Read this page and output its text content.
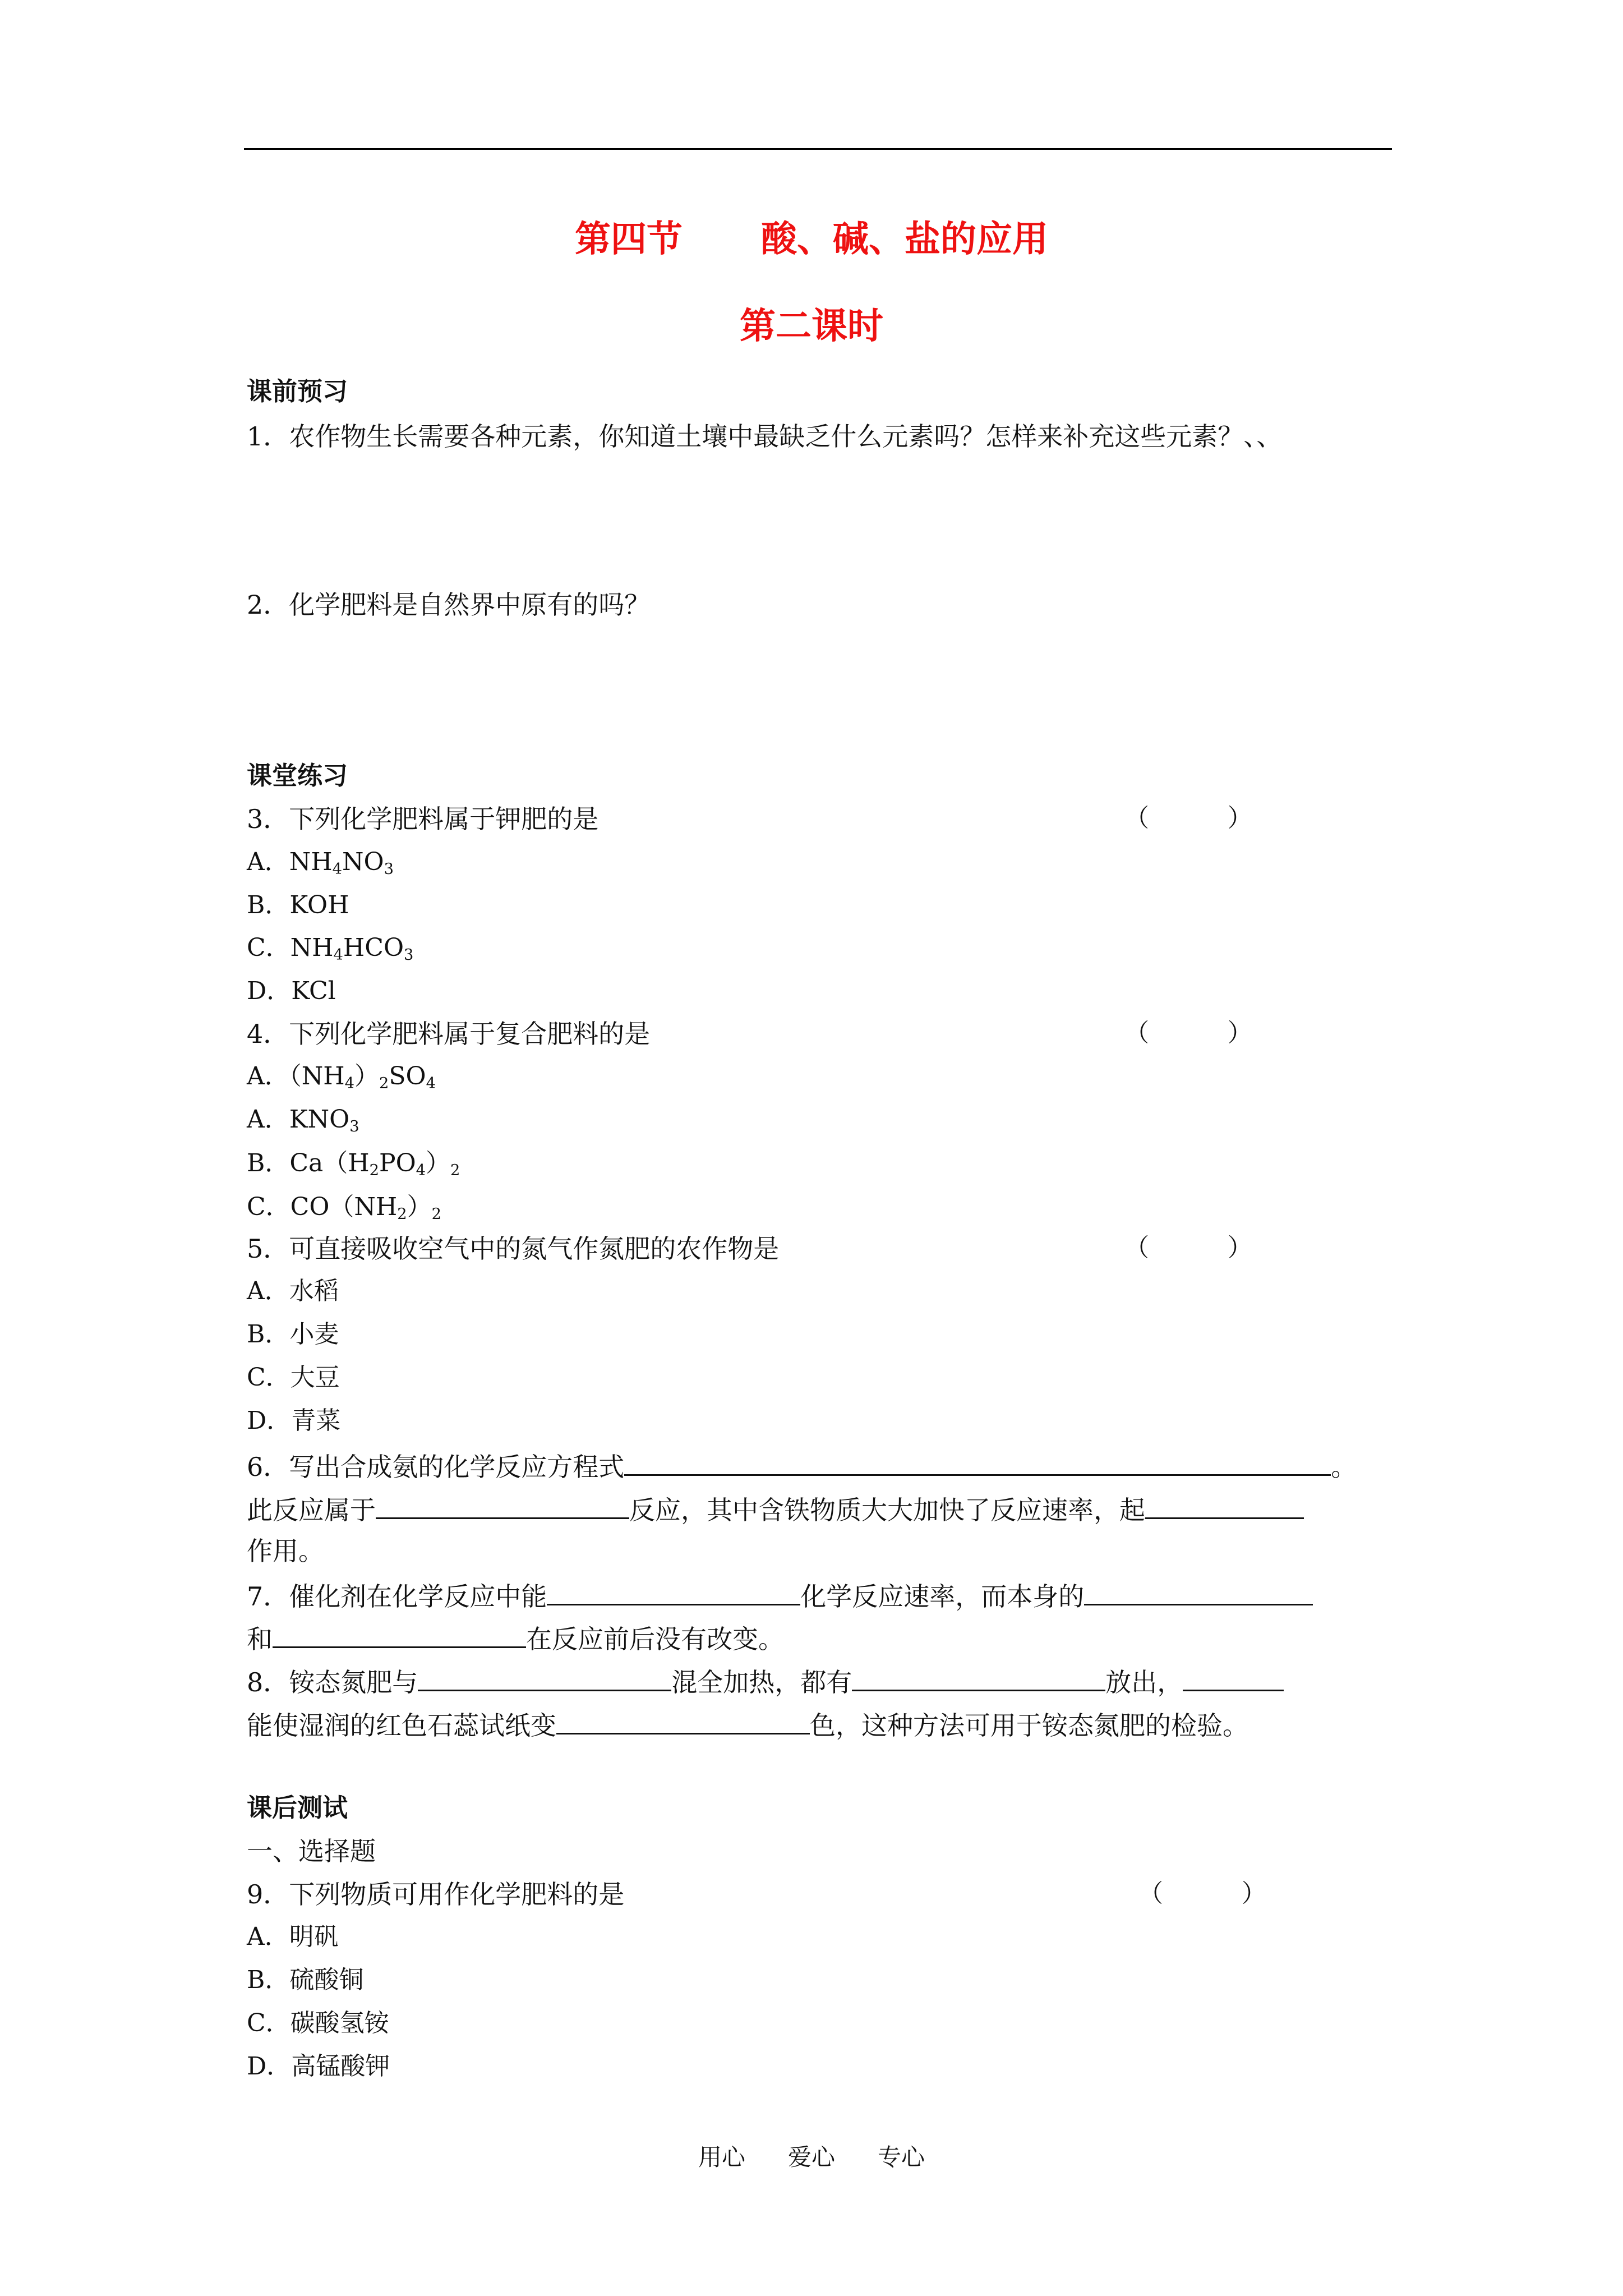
第四节 酸、碱、盐的应用
第二课时
课前预习
1．农作物生长需要各种元素，你知道土壤中最缺乏什么元素吗？怎样来补充这些元素？、、
2．化学肥料是自然界中原有的吗？
课堂练习
3．下列化学肥料属于钾肥的是	（          ）
A．$NH_4NO_3$
B．KOH
C．$NH_4HCO_3$
D．KCl
4．下列化学肥料属于复合肥料的是	（          ）
A．$(NH_4)_2SO_4$
A．$KNO_3$
B．$Ca(H_2PO_4)_2$
C．$CO(NH_2)_2$
5．可直接吸收空气中的氮气作氮肥的农作物是	（          ）
A．水稻
B．小麦
C．大豆
D．青菜
6．写出合成氨的化学反应方程式	。
此反应属于	反应，其中含铁物质大大加快了反应速率，起
作用。
7．催化剂在化学反应中能	化学反应速率，而本身的
和	在反应前后没有改变。
8．铵态氮肥与	混全加热，都有	放出，
能使湿润的红色石蕊试纸变	色，这种方法可用于铵态氮肥的检验。
课后测试
一、选择题
9．下列物质可用作化学肥料的是	（          ）
A．明矾
B．硫酸铜
C．碳酸氢铵
D．高锰酸钾
用心 爱心 专心
